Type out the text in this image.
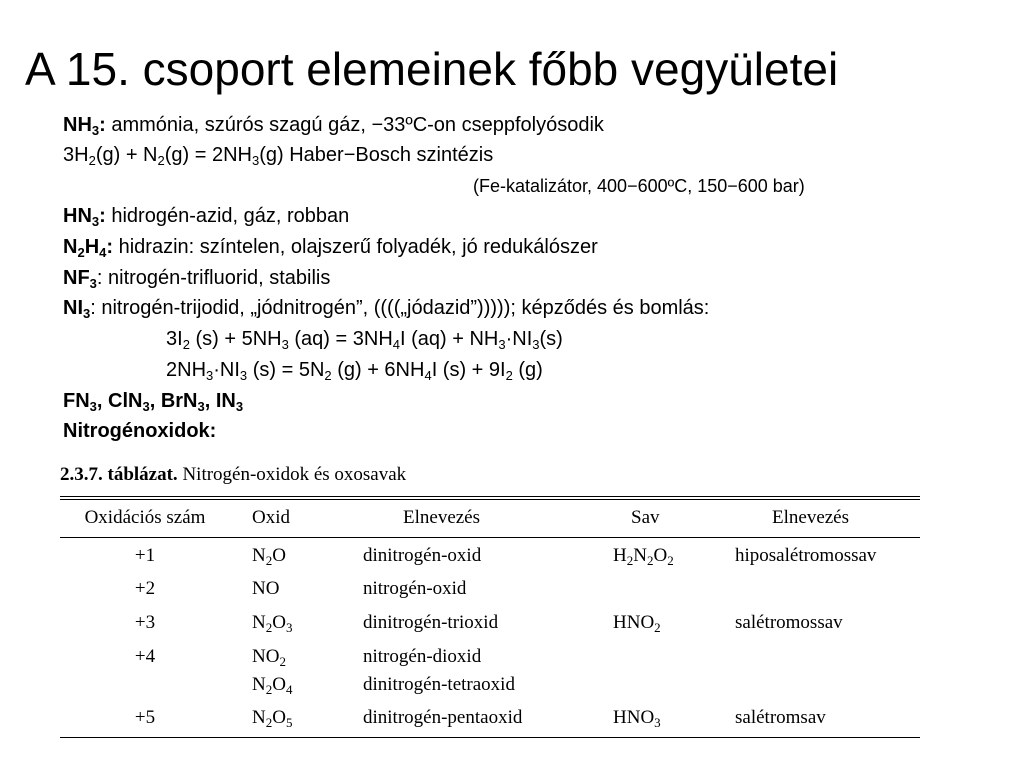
A 15. csoport elemeinek főbb vegyületei
$NH_3$: ammónia, szúrós szagú gáz, −33ºC-on cseppfolyósodik
$3H_2(g) + N_2(g) = 2NH_3(g)$ Haber−Bosch szintézis
(Fe-katalizátor, 400−600ºC, 150−600 bar)
$HN_3$: hidrogén-azid, gáz, robban
$N_2H_4$: hidrazin: színtelen, olajszerű folyadék, jó redukálószer
$NF_3$: nitrogén-trifluorid, stabilis
$NI_3$: nitrogén-trijodid, „jódnitrogén”, ((((„jódazid”))))); képződés és bomlás:
$3I_2$ $(s) + 5NH_3$ $(aq) = 3NH_4I$ $(aq) + NH_3\cdot NI_3(s)$
$2NH_3\cdot NI_3$ $(s) = 5N_2$ $(g) + 6NH_4I$ $(s) + 9I_2$ (g)
$FN_3$, ClN$_3$, BrN$_3$, $IN_3$
Nitrogénoxidok:
2.3.7. táblázat. Nitrogén-oxidok és oxosavak
Oxidációs szám	Oxid	Elnevezés	Sav	Elnevezés
+1	$N_2O$	dinitrogén-oxid	$H_2N_2O_2$	hiposalétromossav
+2	NO	nitrogén-oxid
+3	$N_2O_3$	dinitrogén-trioxid	$HNO_2$	salétromossav
+4	$NO_2$	nitrogén-dioxid
$N_2O_4$	dinitrogén-tetraoxid
+5	$N_2O_5$	dinitrogén-pentaoxid	$HNO_3$	salétromsav
